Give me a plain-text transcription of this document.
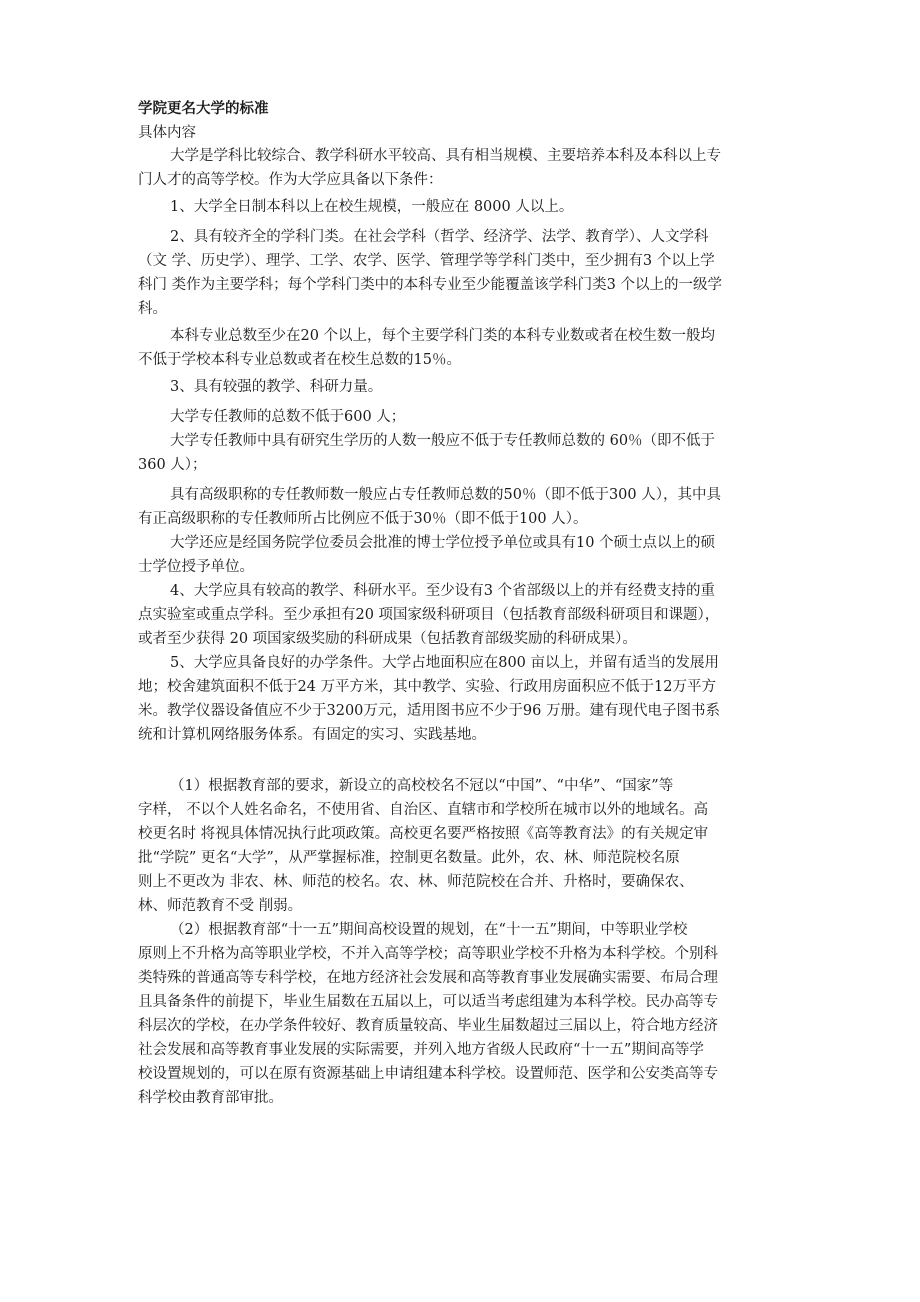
学院更名大学的标准

具体内容

大学是学科比较综合、教学科研水平较高、具有相当规模、主要培养本科及本科以上专
门人才的高等学校。作为大学应具备以下条件：
1、大学全日制本科以上在校生规模，一般应在 8000 人以上。
2、具有较齐全的学科门类。在社会学科（哲学、经济学、法学、教育学）、人文学科
（文 学、历史学）、理学、工学、农学、医学、管理学等学科门类中，至少拥有3 个以上学
科门 类作为主要学科；每个学科门类中的本科专业至少能覆盖该学科门类3 个以上的一级学
科。
本科专业总数至少在20 个以上，每个主要学科门类的本科专业数或者在校生数一般均
不低于学校本科专业总数或者在校生总数的15％。
3、具有较强的教学、科研力量。
大学专任教师的总数不低于600 人；
大学专任教师中具有研究生学历的人数一般应不低于专任教师总数的 60％（即不低于
360 人）；
具有高级职称的专任教师数一般应占专任教师总数的50％（即不低于300 人），其中具
有正高级职称的专任教师所占比例应不低于30％（即不低于100 人）。
大学还应是经国务院学位委员会批准的博士学位授予单位或具有10 个硕士点以上的硕
士学位授予单位。
4、大学应具有较高的教学、科研水平。至少设有3 个省部级以上的并有经费支持的重
点实验室或重点学科。至少承担有20 项国家级科研项目（包括教育部级科研项目和课题），
或者至少获得 20 项国家级奖励的科研成果（包括教育部级奖励的科研成果）。
5、大学应具备良好的办学条件。大学占地面积应在800 亩以上，并留有适当的发展用
地；校舍建筑面积不低于24 万平方米，其中教学、实验、行政用房面积应不低于12万平方
米。教学仪器设备值应不少于3200万元，适用图书应不少于96 万册。建有现代电子图书系
统和计算机网络服务体系。有固定的实习、实践基地。
（1）根据教育部的要求，新设立的高校校名不冠以“中国”、“中华”、“国家”等
字样， 不以个人姓名命名，不使用省、自治区、直辖市和学校所在城市以外的地域名。高
校更名时 将视具体情况执行此项政策。高校更名要严格按照《高等教育法》的有关规定审
批“学院” 更名“大学”，从严掌握标准，控制更名数量。此外，农、林、师范院校名原
则上不更改为 非农、林、师范的校名。农、林、师范院校在合并、升格时，要确保农、
林、师范教育不受 削弱。
（2）根据教育部“十一五”期间高校设置的规划，在“十一五”期间，中等职业学校
原则上不升格为高等职业学校，不并入高等学校；高等职业学校不升格为本科学校。个别科
类特殊的普通高等专科学校，在地方经济社会发展和高等教育事业发展确实需要、布局合理
且具备条件的前提下，毕业生届数在五届以上，可以适当考虑组建为本科学校。民办高等专
科层次的学校，在办学条件较好、教育质量较高、毕业生届数超过三届以上，符合地方经济
社会发展和高等教育事业发展的实际需要，并列入地方省级人民政府“十一五”期间高等学
校设置规划的，可以在原有资源基础上申请组建本科学校。设置师范、医学和公安类高等专
科学校由教育部审批。
